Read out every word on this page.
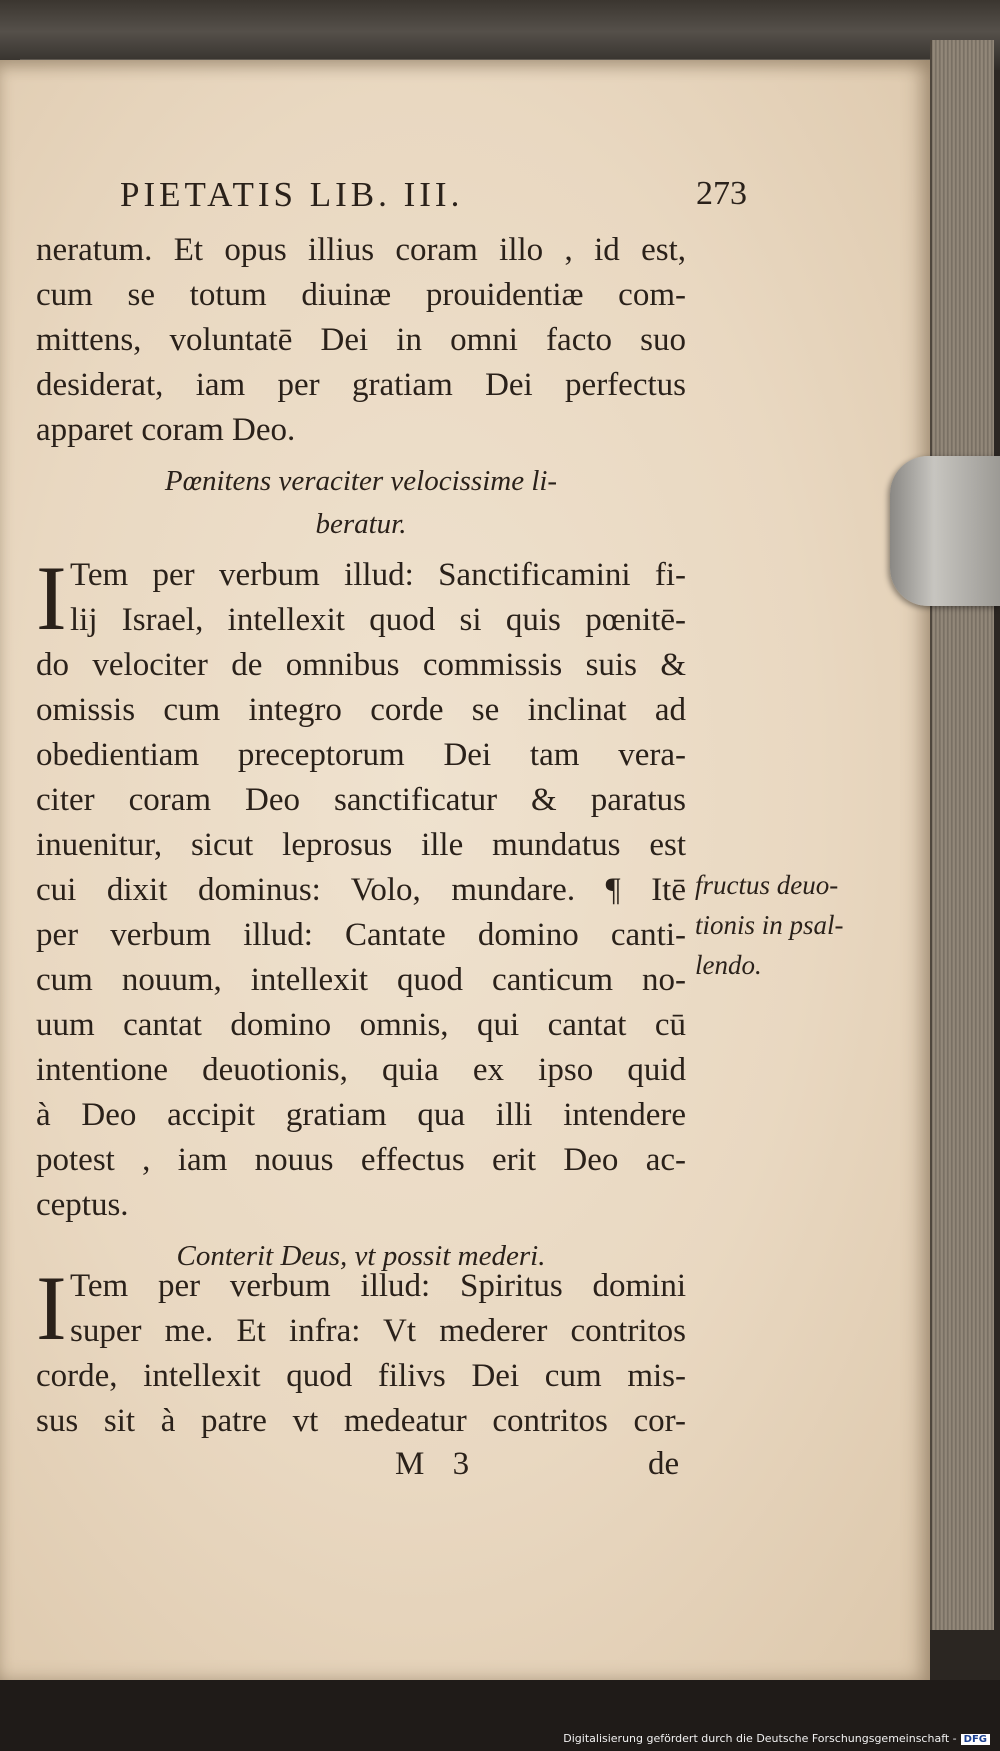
PIETATIS LIB. III.	273
neratum. Et opus illius coram illo , id est,
cum se totum diuinæ prouidentiæ com-
mittens, voluntatē Dei in omni facto suo
desiderat, iam per gratiam Dei perfectus
apparet coram Deo.
Pœnitens veraciter velocissime li-
beratur.
I Tem per verbum illud: Sanctificamini fi-
lij Israel, intellexit quod si quis pœnitē-
do velociter de omnibus commissis suis &
omissis cum integro corde se inclinat ad
obedientiam preceptorum Dei tam vera-
citer coram Deo sanctificatur & paratus
inuenitur, sicut leprosus ille mundatus est
cui dixit dominus: Volo, mundare. ¶ Itē
per verbum illud: Cantate domino canti-
cum nouum, intellexit quod canticum no-
uum cantat domino omnis, qui cantat cū
intentione deuotionis, quia ex ipso quid
à Deo accipit gratiam qua illi intendere
potest , iam nouus effectus erit Deo ac-
ceptus.
fructus deuo-
tionis in psal-
lendo.
Conterit Deus, vt possit mederi.
I Tem per verbum illud: Spiritus domini
super me. Et infra: Vt mederer contritos
corde, intellexit quod filivs Dei cum mis-
sus sit à patre vt medeatur contritos cor-
M 3	de
Digitalisierung gefördert durch die Deutsche Forschungsgemeinschaft - DFG
